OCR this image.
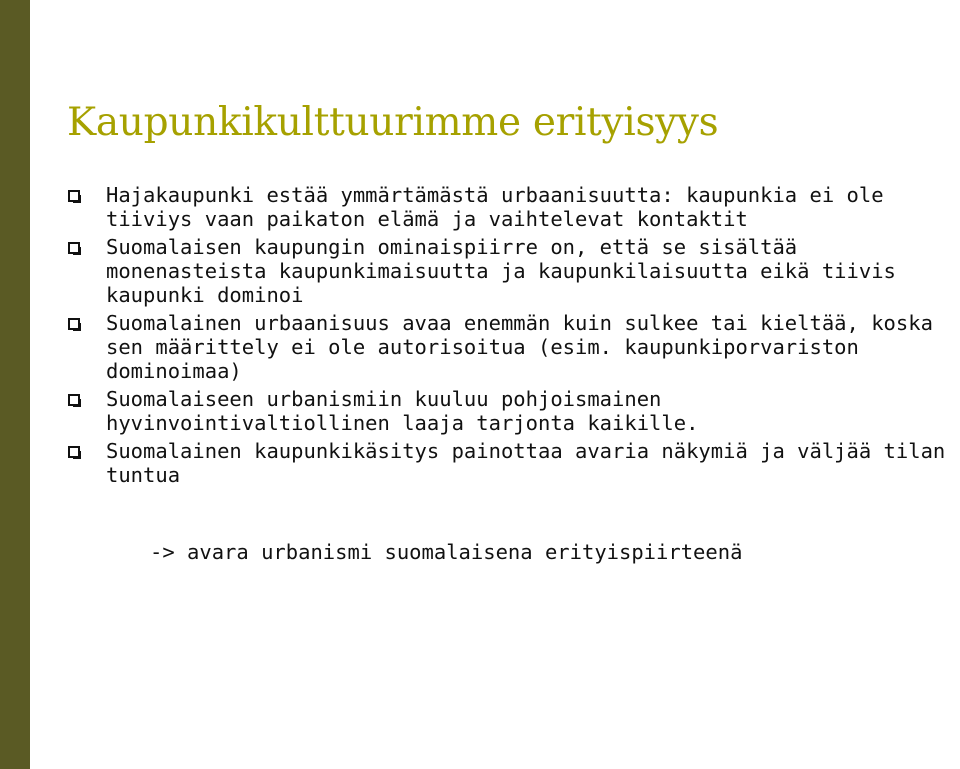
Kaupunkikulttuurimme erityisyys
Hajakaupunki estää ymmärtämästä urbaanisuutta: kaupunkia ei ole tiiviys vaan paikaton elämä ja vaihtelevat kontaktit
Suomalaisen kaupungin ominaispiirre on, että se sisältää monenasteista kaupunkimaisuutta ja kaupunkilaisuutta eikä tiivis kaupunki dominoi
Suomalainen urbaanisuus avaa enemmän kuin sulkee tai kieltää, koska sen määrittely ei ole autorisoitua (esim. kaupunkiporvariston dominoimaa)
Suomalaiseen urbanismiin kuuluu pohjoismainen hyvinvointivaltiollinen laaja tarjonta kaikille.
Suomalainen kaupunkikäsitys painottaa avaria näkymiä ja väljää tilan tuntua

-> avara urbanismi suomalaisena erityispiirteenä
